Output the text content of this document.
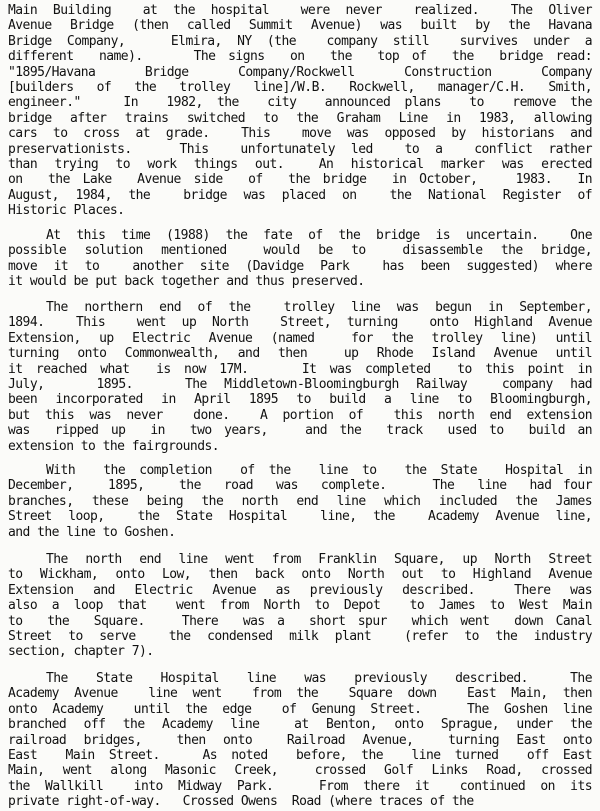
Main Building  at the hospital  were never  realized.  The Oliver
Avenue Bridge (then called Summit Avenue) was built by the Havana
Bridge Company,   Elmira, NY (the  company still  survives under a
different  name).    The signs  on  the  top of  the  bridge read:
"1895/Havana   Bridge   Company/Rockwell   Construction   Company
[builders of the trolley line]/W.B. Rockwell, manager/C.H. Smith,
engineer."   In  1982, the  city  announced plans  to  remove the
bridge after trains switched to the Graham Line in 1983, allowing
cars to cross at grade.  This  move was opposed by historians and
preservationists.   This  unfortunately led  to a  conflict rather
than trying to work things out.  An historical marker was erected
on  the Lake  Avenue side  of  the bridge  in October,   1983.  In
August, 1984, the  bridge was placed on  the National Register of
Historic Places.
At this time (1988) the fate of the bridge is uncertain.  One
possible solution mentioned  would be to  disassemble the bridge,
move it to  another site (Davidge Park  has been suggested) where
it would be put back together and thus preserved.
The northern end of the  trolley line was begun in September,
1894.  This  went up North  Street, turning  onto Highland Avenue
Extension, up Electric Avenue (named  for the trolley line) until
turning onto Commonwealth, and then  up Rhode Island Avenue until
it reached what  is now 17M.    It was completed  to this point in
July,   1895.   The Middletown-Bloomingburgh Railway  company had
been incorporated in April 1895 to build a line to Bloomingburgh,
but this was never  done.  A portion of  this north end extension
was  ripped up  in  two years,   and the  track  used to  build an
extension to the fairgrounds.
With  the completion  of the  line to  the State  Hospital in
December,   1895,   the  road  was  complete.    The  line  had four
branches, these being the north end line which included the James
Street loop,  the State Hospital  line, the  Academy Avenue line,
and the line to Goshen.
The north end line went from Franklin Square, up North Street
to Wickham, onto Low, then back onto North out to Highland Avenue
Extension and Electric Avenue as previously described.  There was
also a loop that  went from North to Depot  to James to West Main
to  the  Square.   There  was a  short spur  which went  down Canal
Street to serve  the condensed milk plant  (refer to the industry
section, chapter 7).
The  State  Hospital  line  was  previously  described.   The
Academy Avenue  line went  from the  Square down  East Main, then
onto Academy  until the edge  of Genung Street.   The Goshen line
branched off the Academy line  at Benton, onto Sprague, under the
railroad bridges,  then onto  Railroad Avenue,  turning East onto
East  Main Street.   As noted  before, the  line turned  off East
Main, went along Masonic Creek,  crossed Golf Links Road, crossed
the Wallkill  into Midway Park.   From there it  continued on its
private right-of-way.   Crossed Owens  Road (where traces of the
